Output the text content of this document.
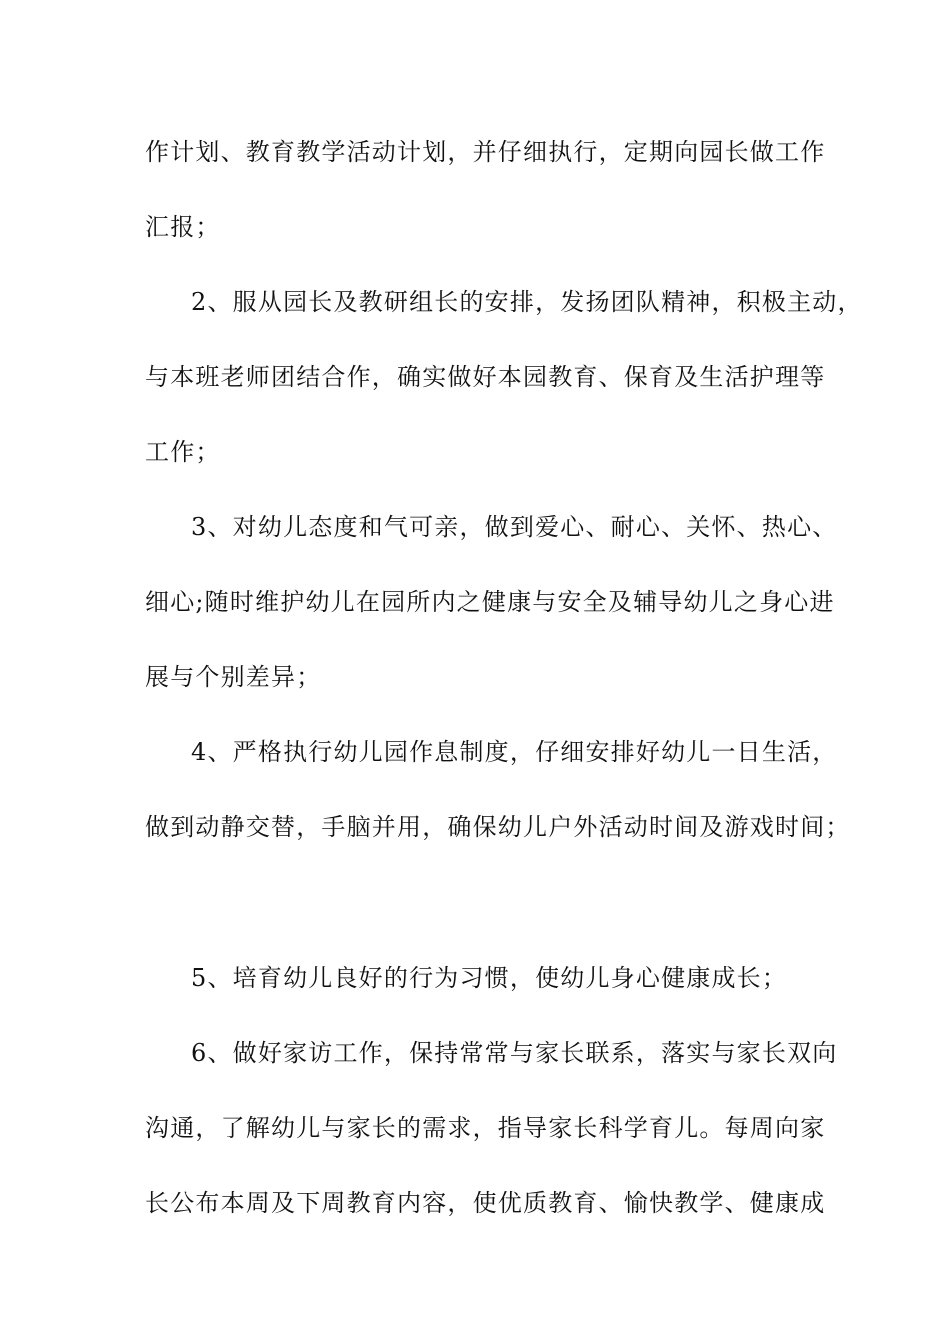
作计划、教育教学活动计划，并仔细执行，定期向园长做工作
汇报；
2、服从园长及教研组长的安排，发扬团队精神，积极主动，
与本班老师团结合作，确实做好本园教育、保育及生活护理等
工作；
3、对幼儿态度和气可亲，做到爱心、耐心、关怀、热心、
细心;随时维护幼儿在园所内之健康与安全及辅导幼儿之身心进
展与个别差异；
4、严格执行幼儿园作息制度，仔细安排好幼儿一日生活，
做到动静交替，手脑并用，确保幼儿户外活动时间及游戏时间；
5、培育幼儿良好的行为习惯，使幼儿身心健康成长；
6、做好家访工作，保持常常与家长联系，落实与家长双向
沟通，了解幼儿与家长的需求，指导家长科学育儿。每周向家
长公布本周及下周教育内容，使优质教育、愉快教学、健康成
